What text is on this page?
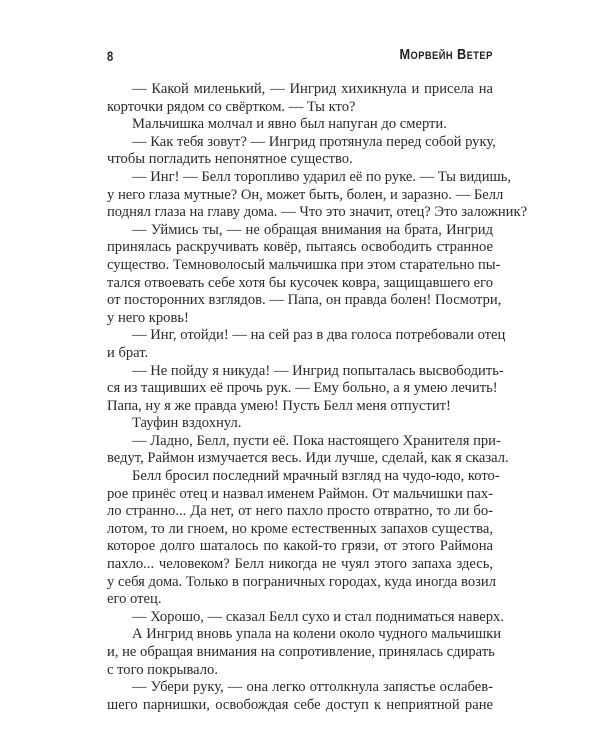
8	Морвейн Ветер
— Какой миленький, — Ингрид хихикнула и присела на
корточки рядом со свёртком. — Ты кто?
Мальчишка молчал и явно был напуган до смерти.
— Как тебя зовут? — Ингрид протянула перед собой руку,
чтобы погладить непонятное существо.
— Инг! — Белл торопливо ударил её по руке. — Ты видишь,
у него глаза мутные? Он, может быть, болен, и заразно. — Белл
поднял глаза на главу дома. — Что это значит, отец? Это заложник?
— Уймись ты, — не обращая внимания на брата, Ингрид
принялась раскручивать ковёр, пытаясь освободить странное
существо. Темноволосый мальчишка при этом старательно пы-
тался отвоевать себе хотя бы кусочек ковра, защищавшего его
от посторонних взглядов. — Папа, он правда болен! Посмотри,
у него кровь!
— Инг, отойди! — на сей раз в два голоса потребовали отец
и брат.
— Не пойду я никуда! — Ингрид попыталась высвободить-
ся из тащивших её прочь рук. — Ему больно, а я умею лечить!
Папа, ну я же правда умею! Пусть Белл меня отпустит!
Тауфин вздохнул.
— Ладно, Белл, пусти её. Пока настоящего Хранителя при-
ведут, Раймон измучается весь. Иди лучше, сделай, как я сказал.
Белл бросил последний мрачный взгляд на чудо-юдо, кото-
рое принёс отец и назвал именем Раймон. От мальчишки пах-
ло странно... Да нет, от него пахло просто отвратно, то ли бо-
лотом, то ли гноем, но кроме естественных запахов существа,
которое долго шаталось по какой-то грязи, от этого Раймона
пахло... человеком? Белл никогда не чуял этого запаха здесь,
у себя дома. Только в пограничных городах, куда иногда возил
его отец.
— Хорошо, — сказал Белл сухо и стал подниматься наверх.
А Ингрид вновь упала на колени около чудного мальчишки
и, не обращая внимания на сопротивление, принялась сдирать
с того покрывало.
— Убери руку, — она легко оттолкнула запястье ослабев-
шего парнишки, освобождая себе доступ к неприятной ране
